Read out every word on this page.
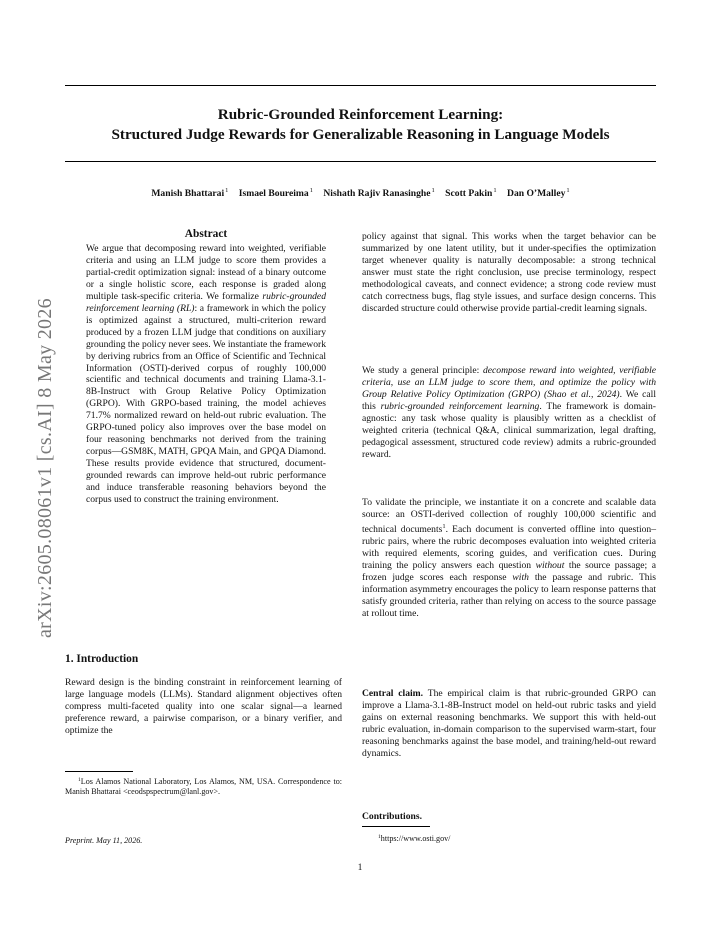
arXiv:2605.08061v1 [cs.AI] 8 May 2026
Rubric-Grounded Reinforcement Learning:
Structured Judge Rewards for Generalizable Reasoning in Language Models
Manish Bhattarai$^1$ Ismael Boureima$^1$ Nishath Rajiv Ranasinghe$^1$ Scott Pakin$^1$ Dan O’Malley$^1$
Abstract

We argue that decomposing reward into weighted, verifiable criteria and using an LLM judge to score them provides a partial-credit optimization signal: instead of a binary outcome or a single holistic score, each response is graded along multiple task-specific criteria. We formalize rubric-grounded reinforcement learning (RL): a framework in which the policy is optimized against a structured, multi-criterion reward produced by a frozen LLM judge that conditions on auxiliary grounding the policy never sees. We instantiate the framework by deriving rubrics from an Office of Scientific and Technical Information (OSTI)-derived corpus of roughly 100,000 scientific and technical documents and training Llama-3.1-8B-Instruct with Group Relative Policy Optimization (GRPO). With GRPO-based training, the model achieves 71.7% normalized reward on held-out rubric evaluation. The GRPO-tuned policy also improves over the base model on four reasoning benchmarks not derived from the training corpus—GSM8K, MATH, GPQA Main, and GPQA Diamond. These results provide evidence that structured, document-grounded rewards can improve held-out rubric performance and induce transferable reasoning behaviors beyond the corpus used to construct the training environment.

1. Introduction

Reward design is the binding constraint in reinforcement learning of large language models (LLMs). Standard alignment objectives often compress multi-faceted quality into one scalar signal—a learned preference reward, a pairwise comparison, or a binary verifier, and optimize the

$^1$Los Alamos National Laboratory, Los Alamos, NM, USA. Correspondence to: Manish Bhattarai <ceodspspectrum@lanl.gov>.

Preprint. May 11, 2026.

policy against that signal. This works when the target behavior can be summarized by one latent utility, but it under-specifies the optimization target whenever quality is naturally decomposable: a strong technical answer must state the right conclusion, use precise terminology, respect methodological caveats, and connect evidence; a strong code review must catch correctness bugs, flag style issues, and surface design concerns. This discarded structure could otherwise provide partial-credit learning signals.

We study a general principle: decompose reward into weighted, verifiable criteria, use an LLM judge to score them, and optimize the policy with Group Relative Policy Optimization (GRPO) (Shao et al., 2024). We call this rubric-grounded reinforcement learning. The framework is domain-agnostic: any task whose quality is plausibly written as a checklist of weighted criteria (technical Q&A, clinical summarization, legal drafting, pedagogical assessment, structured code review) admits a rubric-grounded reward.

To validate the principle, we instantiate it on a concrete and scalable data source: an OSTI-derived collection of roughly 100,000 scientific and technical documents$^1$. Each document is converted offline into question–rubric pairs, where the rubric decomposes evaluation into weighted criteria with required elements, scoring guides, and verification cues. During training the policy answers each question without the source passage; a frozen judge scores each response with the passage and rubric. This information asymmetry encourages the policy to learn response patterns that satisfy grounded criteria, rather than relying on access to the source passage at rollout time.

Central claim. The empirical claim is that rubric-grounded GRPO can improve a Llama-3.1-8B-Instruct model on held-out rubric tasks and yield gains on external reasoning benchmarks. We support this with held-out rubric evaluation, in-domain comparison to the supervised warm-start, four reasoning benchmarks against the base model, and training/held-out reward dynamics.

Contributions.

$^1$https://www.osti.gov/

1
